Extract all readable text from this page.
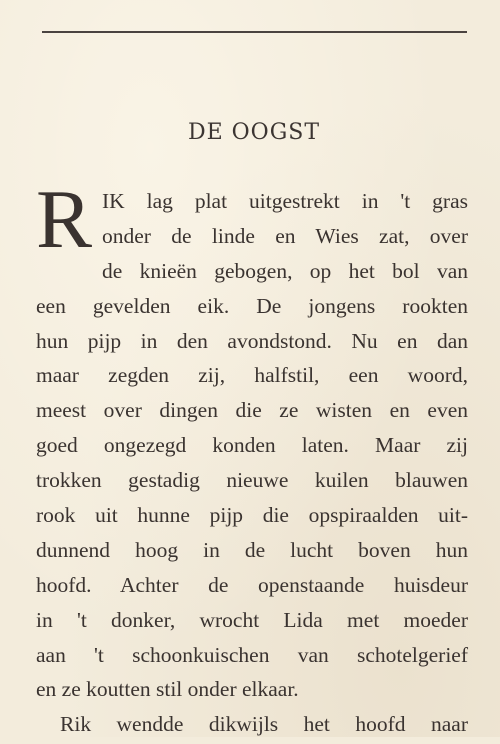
DE OOGST
R IK lag plat uitgestrekt in 't gras
onder de linde en Wies zat, over
de knieën gebogen, op het bol van
een gevelden eik. De jongens rookten
hun pijp in den avondstond. Nu en dan
maar zegden zij, halfstil, een woord,
meest over dingen die ze wisten en even
goed ongezegd konden laten. Maar zij
trokken gestadig nieuwe kuilen blauwen
rook uit hunne pijp die opspiraalden uit-
dunnend hoog in de lucht boven hun
hoofd. Achter de openstaande huisdeur
in 't donker, wrocht Lida met moeder
aan 't schoonkuischen van schotelgerief
en ze koutten stil onder elkaar.
Rik wendde dikwijls het hoofd naar
